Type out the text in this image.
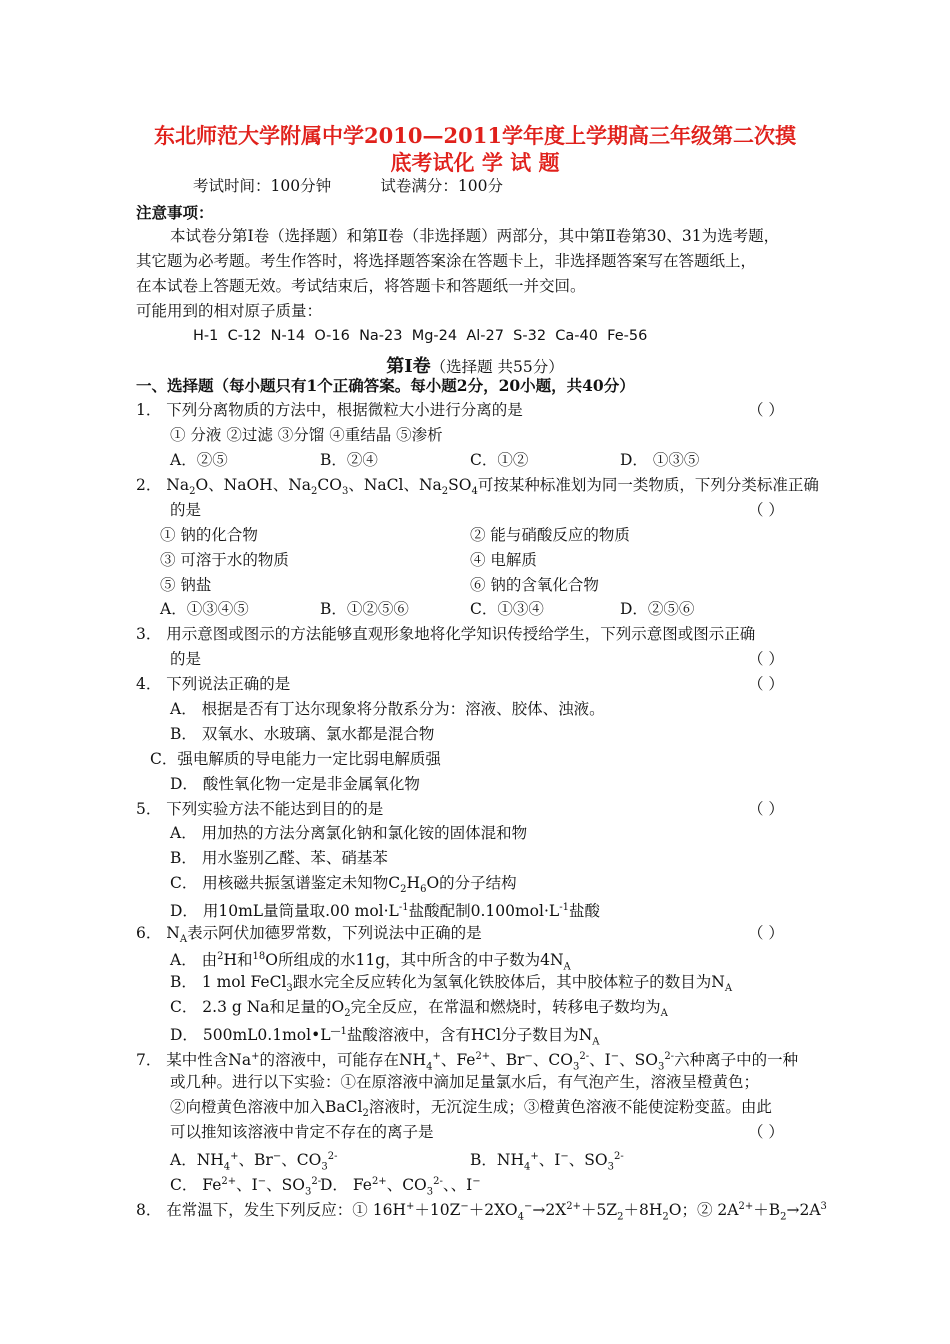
东北师范大学附属中学2010—2011学年度上学期高三年级第二次摸
底考试化 学 试 题
考试时间：100分钟          试卷满分：100分
注意事项：
本试卷分第Ⅰ卷（选择题）和第Ⅱ卷（非选择题）两部分，其中第Ⅱ卷第30、31为选考题，
其它题为必考题。考生作答时，将选择题答案涂在答题卡上，非选择题答案写在答题纸上，
在本试卷上答题无效。考试结束后，将答题卡和答题纸一并交回。
可能用到的相对原子质量：
H-1  C-12  N-14  O-16  Na-23  Mg-24  Al-27  S-32  Ca-40  Fe-56
第Ⅰ卷（选择题 共55分）
一、选择题（每小题只有1个正确答案。每小题2分，20小题，共40分）
1． 下列分离物质的方法中，根据微粒大小进行分离的是	（ ）
① 分液 ②过滤 ③分馏 ④重结晶 ⑤渗析
A．②⑤	B．②④	C．①②	D． ①③⑤
2． $Na_2O$、NaOH、$Na_2CO_3$、NaCl、$Na_2SO_4$可按某种标准划为同一类物质，下列分类标准正确
的是	（ ）
① 钠的化合物	② 能与硝酸反应的物质
③ 可溶于水的物质	④ 电解质
⑤ 钠盐	⑥ 钠的含氧化合物
A．①③④⑤	B．①②⑤⑥	C．①③④	D．②⑤⑥
3． 用示意图或图示的方法能够直观形象地将化学知识传授给学生，下列示意图或图示正确
的是	（ ）
4． 下列说法正确的是	（ ）
A． 根据是否有丁达尔现象将分散系分为：溶液、胶体、浊液。
B． 双氧水、水玻璃、氯水都是混合物
C．强电解质的导电能力一定比弱电解质强
D． 酸性氧化物一定是非金属氧化物
5． 下列实验方法不能达到目的的是	（ ）
A． 用加热的方法分离氯化钠和氯化铵的固体混和物
B． 用水鉴别乙醛、苯、硝基苯
C． 用核磁共振氢谱鉴定未知物$C_2H_6O$的分子结构
D． 用10mL量筒量取.00 $mol\cdot L^{-1}$盐酸配制$0.100mol\cdot L^{-1}$盐酸
6． $N_A$表示阿伏加德罗常数，下列说法中正确的是	（ ）
A． 由$^2$H和$^{18}$O所组成的水11g，其中所含的中子数为$4N_A$
B． 1 mol FeCl$_3$跟水完全反应转化为氢氧化铁胶体后，其中胶体粒子的数目为$N_A$
C． 2.3 g Na和足量的$O_2$完全反应，在常温和燃烧时，转移电子数均为$_A$
D． $500mL0.1mol•L^{—1}$盐酸溶液中，含有HCl分子数目为$N_A$
7． 某中性含Na+的溶液中，可能存在$NH_4^+$、$Fe^{2+}$、Br−、$CO_3^{2-}$、I−、$SO_3^{2-}$六种离子中的一种
或几种。进行以下实验：①在原溶液中滴加足量氯水后，有气泡产生，溶液呈橙黄色；
②向橙黄色溶液中加入BaCl$_2$溶液时，无沉淀生成；③橙黄色溶液不能使淀粉变蓝。由此
可以推知该溶液中肯定不存在的离子是	（ ）
A．$NH_4^+$、Br−、$CO_3^{2-}$	B．$NH_4^+$、I−、$SO_3^{2-}$
C． $Fe^{2+}$、I−、$SO_3^{2-}$
D． $Fe^{2+}$、$CO_3^{2-}$、、I−
8． 在常温下，发生下列反应：① $16H^++10Z^-+2XO_4^-\to 2X^{2+}+5Z_2+8H_2O$；② $2A^{2+}+B_2\to 2A^3$
